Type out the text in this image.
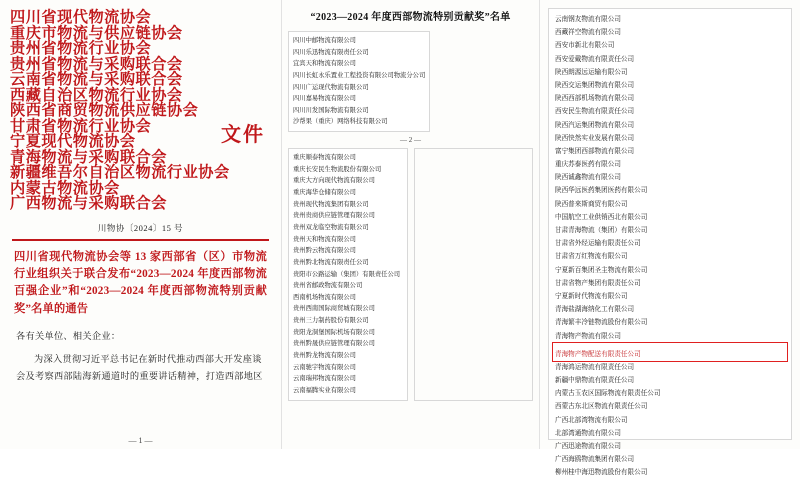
四川省现代物流协会
重庆市物流与供应链协会
贵州省物流行业协会
贵州省物流与采购联合会
云南省物流与采购联合会
西藏自治区物流行业协会
陕西省商贸物流供应链协会
甘肃省物流行业协会
宁夏现代物流协会
青海物流与采购联合会
新疆维吾尔自治区物流行业协会
内蒙古物流协会
广西物流与采购联合会
文件
川物协〔2024〕15 号
四川省现代物流协会等 13 家西部省（区）市物流行业组织关于联合发布“2023—2024 年度西部物流百强企业”和“2023—2024 年度西部物流特别贡献奖”名单的通告

各有关单位、相关企业：

为深入贯彻习近平总书记在新时代推动西部大开发座谈会及考察西部陆海新通道时的重要讲话精神，打造西部地区

— 1 —
“2023—2024 年度西部物流特别贡献奖”名单
四川中邮物流有限公司
四川乐迅物流有限责任公司
宜宾天和物流有限公司
四川长虹永乐置业工程投资有限公司物流分公司
四川广运现代物流有限公司
四川嘉易物流有限公司
四川川发国际物流有限公司
沙帮果（重庆）网络科技有限公司
— 2 —
重庆顺泰物流有限公司
重庆长安民生物流股份有限公司
重庆大方向现代物流有限公司
重庆海华仓储有限公司
贵州现代物流集团有限公司
贵州贵商供应链管理有限公司
贵州双龙临空物流有限公司
贵州天和物流有限公司
贵州黔云物流有限公司
贵州黔北物流有限责任公司
贵阳市公路运输（集团）有限责任公司
贵州省邮政物流有限公司
西南机场物流有限公司
贵州西南国际商贸城有限公司
贵州三力制药股份有限公司
贵阳龙洞堡国际机场有限公司
贵州黔晟供应链管理有限公司
贵州黔龙物流有限公司
云南驰宇物流有限公司
云南瑞邦物流有限公司
云南福腾实业有限公司
云南钢友物流有限公司
西藏祥空物流有限公司
西安市新北有限公司
西安爱戴物流有限责任公司
陕西朗源远运输有限公司
陕西交运集团物流有限公司
陕西西部机场物流有限公司
西安民生物流有限责任公司
陕西汽运集团物流有限公司
陕西快然实业发展有限公司
富宁集团西部物流有限公司
重庆苏泰医药有限公司
陕西诚鑫物流有限公司
陕西华远医药集团医药有限公司
陕西普来斯商贸有限公司
中国航空工业供销西北有限公司
甘肃青海物流（集团）有限公司
甘肃省外经运输有限责任公司
甘肃省万红物流有限公司
宁夏新百集团圣主物流有限公司
甘肃省物产集团有限责任公司
宁夏新时代物流有限公司
青海盐湖海纳化工有限公司
青海繁丰冷链物流股份有限公司
青海物产物流有限公司
青海物产物配送有限责任公司
青海鸿运物流有限责任公司
新疆中鼎物流有限责任公司
内蒙古玉农区国际物流有限责任公司
西蒙古东北区物流有限责任公司
广西北部湾物流有限公司
北部湾通物流有限公司
广西迅途物流有限公司
广西海鸥物流集团有限公司
柳州桂中海迅物流股份有限公司
